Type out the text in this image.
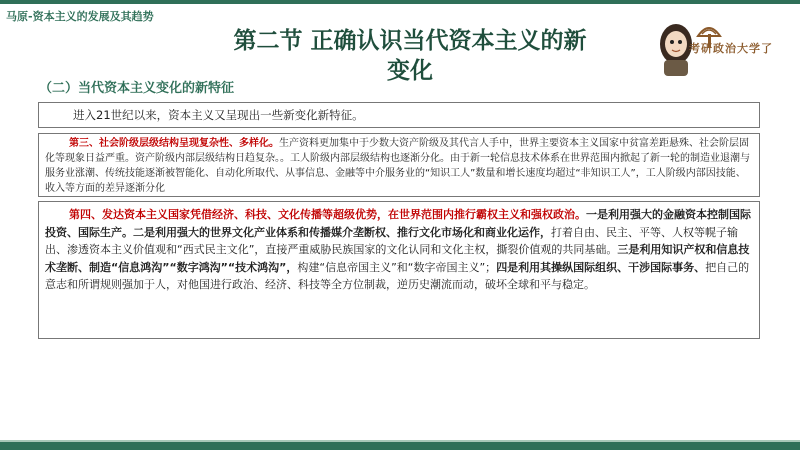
马原-资本主义的发展及其趋势
第二节 正确认识当代资本主义的新
变化
考研政治大学了
（二）当代资本主义变化的新特征
进入21世纪以来，资本主义又呈现出一些新变化新特征。
第三、社会阶级层级结构呈现复杂性、多样化。生产资料更加集中于少数大资产阶级及其代言人手中，世界主要资本主义国家中贫富差距悬殊、社会阶层固化等现象日益严重。资产阶级内部层级结构日趋复杂。。工人阶级内部层级结构也逐渐分化。由于新一轮信息技术体系在世界范围内掀起了新一轮的制造业退潮与服务业涨潮、传统技能逐渐被智能化、自动化所取代、从事信息、金融等中介服务业的“知识工人”数量和增长速度均超过“非知识工人”，工人阶级内部因技能、收入等方面的差异逐渐分化
第四、发达资本主义国家凭借经济、科技、文化传播等超级优势，在世界范围内推行霸权主义和强权政治。一是利用强大的金融资本控制国际投资、国际生产。二是利用强大的世界文化产业体系和传播媒介垄断权、推行文化市场化和商业化运作，打着自由、民主、平等、人权等幌子输出、渗透资本主义价值观和“西式民主文化”，直接严重威胁民族国家的文化认同和文化主权，撕裂价值观的共同基础。三是利用知识产权和信息技术垄断、制造“信息鸿沟”“数字鸿沟”“技术鸿沟”，构建“信息帝国主义”和“数字帝国主义”；四是利用其操纵国际组织、干涉国际事务、把自己的意志和所谓规则强加于人，对他国进行政治、经济、科技等全方位制裁，逆历史潮流而动，破坏全球和平与稳定。
